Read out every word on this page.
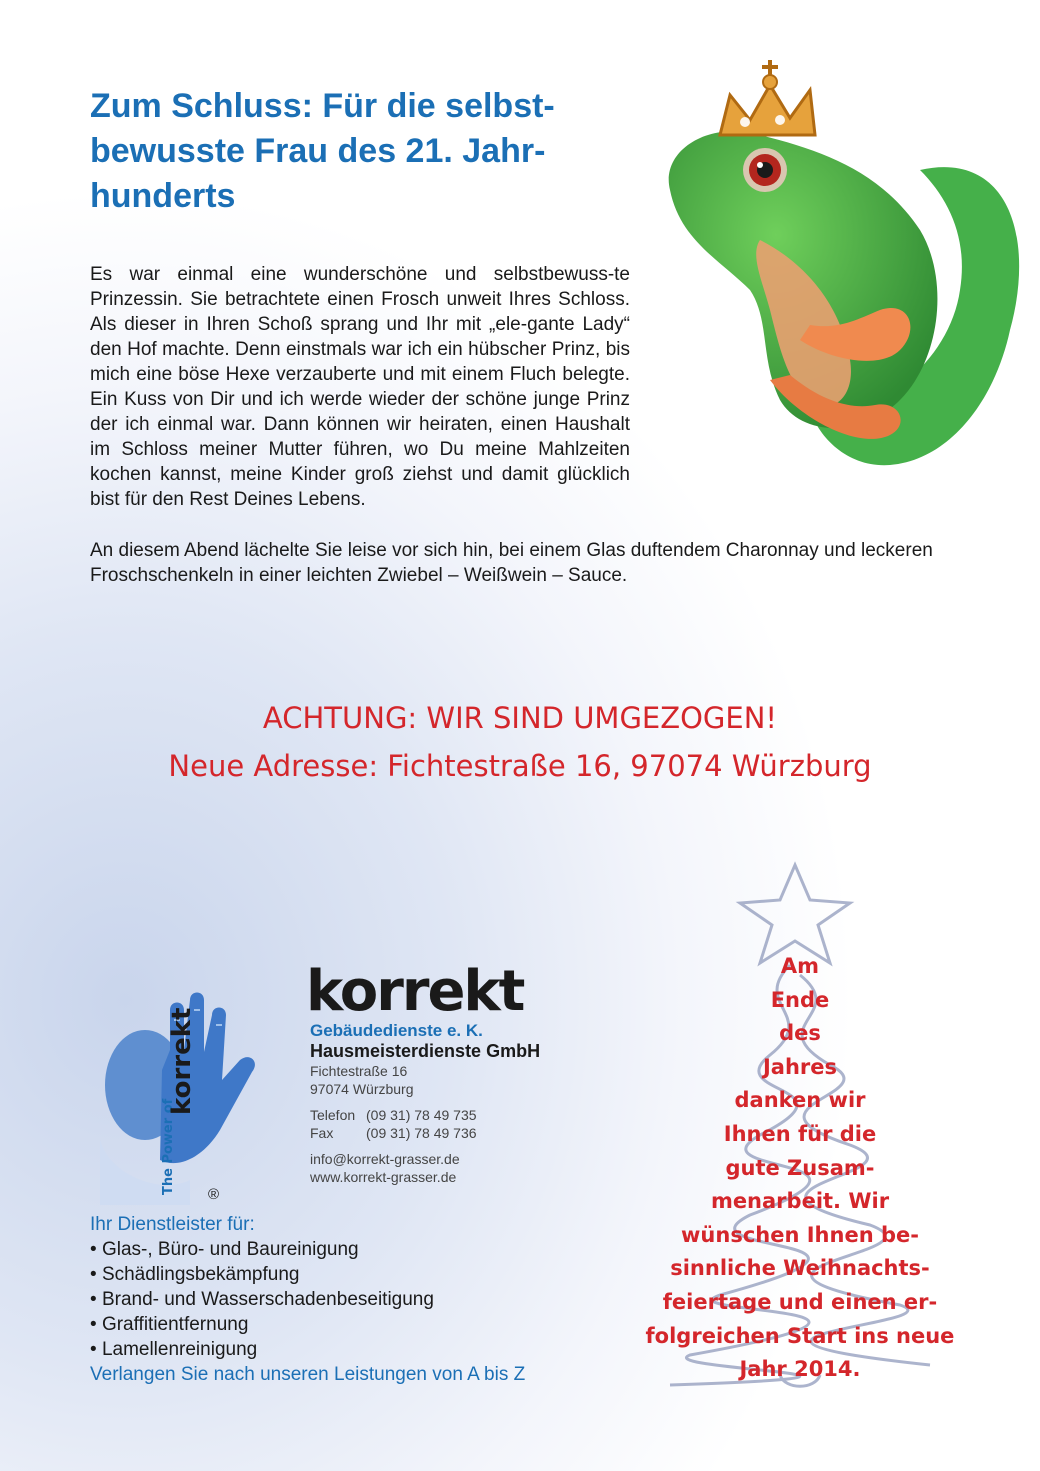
Zum Schluss: Für die selbst-
bewusste Frau des 21. Jahr-
hunderts
Es war einmal eine wunderschöne und selbstbewuss-te Prinzessin. Sie betrachtete einen Frosch unweit Ihres Schloss. Als dieser in Ihren Schoß sprang und Ihr mit „ele-gante Lady“ den Hof machte. Denn einstmals war ich ein hübscher Prinz, bis mich eine böse Hexe verzauberte und mit einem Fluch belegte. Ein Kuss von Dir und ich werde wieder der schöne junge Prinz der ich einmal war. Dann können wir heiraten, einen Haushalt im Schloss meiner Mutter führen, wo Du meine Mahlzeiten kochen kannst, meine Kinder groß ziehst und damit glücklich bist für den Rest Deines Lebens.
An diesem Abend lächelte Sie leise vor sich hin, bei einem Glas duftendem Charonnay und leckeren Froschschenkeln in einer leichten Zwiebel – Weißwein – Sauce.
ACHTUNG: WIR SIND UMGEZOGEN!
Neue Adresse: Fichtestraße 16, 97074 Würzburg
Am
Ende
des
Jahres
danken wir
Ihnen für die
gute Zusam-
menarbeit. Wir
wünschen Ihnen be-
sinnliche Weihnachts-
feiertage und einen er-
folgreichen Start ins neue
Jahr 2014.
The Power of
korrekt
®
korrekt
Gebäudedienste e. K.
Hausmeisterdienste GmbH
Fichtestraße 16
97074 Würzburg
Telefon (09 31) 78 49 735
Fax (09 31) 78 49 736
info@korrekt-grasser.de
www.korrekt-grasser.de
Ihr Dienstleister für:
• Glas-, Büro- und Baureinigung
• Schädlingsbekämpfung
• Brand- und Wasserschadenbeseitigung
• Graffitientfernung
• Lamellenreinigung
Verlangen Sie nach unseren Leistungen von A bis Z
